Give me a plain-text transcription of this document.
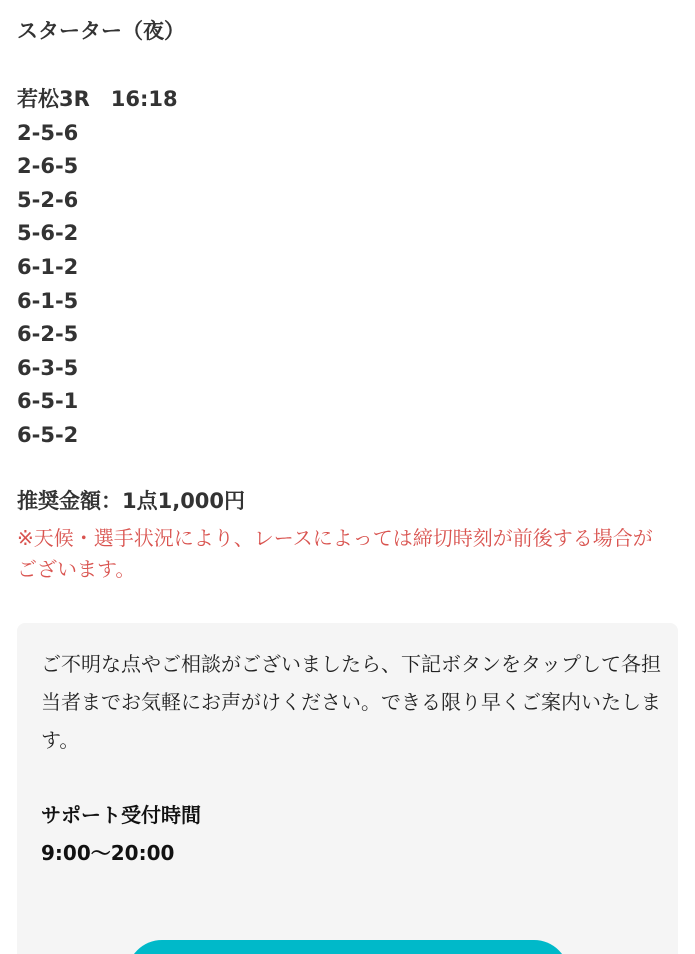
スターター（夜）
若松3R　16:18
2-5-6
2-6-5
5-2-6
5-6-2
6-1-2
6-1-5
6-2-5
6-3-5
6-5-1
6-5-2
推奨金額：1点1,000円
※天候・選手状況により、レースによっては締切時刻が前後する場合がございます。
ご不明な点やご相談がございましたら、下記ボタンをタップして各担当者までお気軽にお声がけください。できる限り早くご案内いたします。
サポート受付時間
9:00〜20:00
